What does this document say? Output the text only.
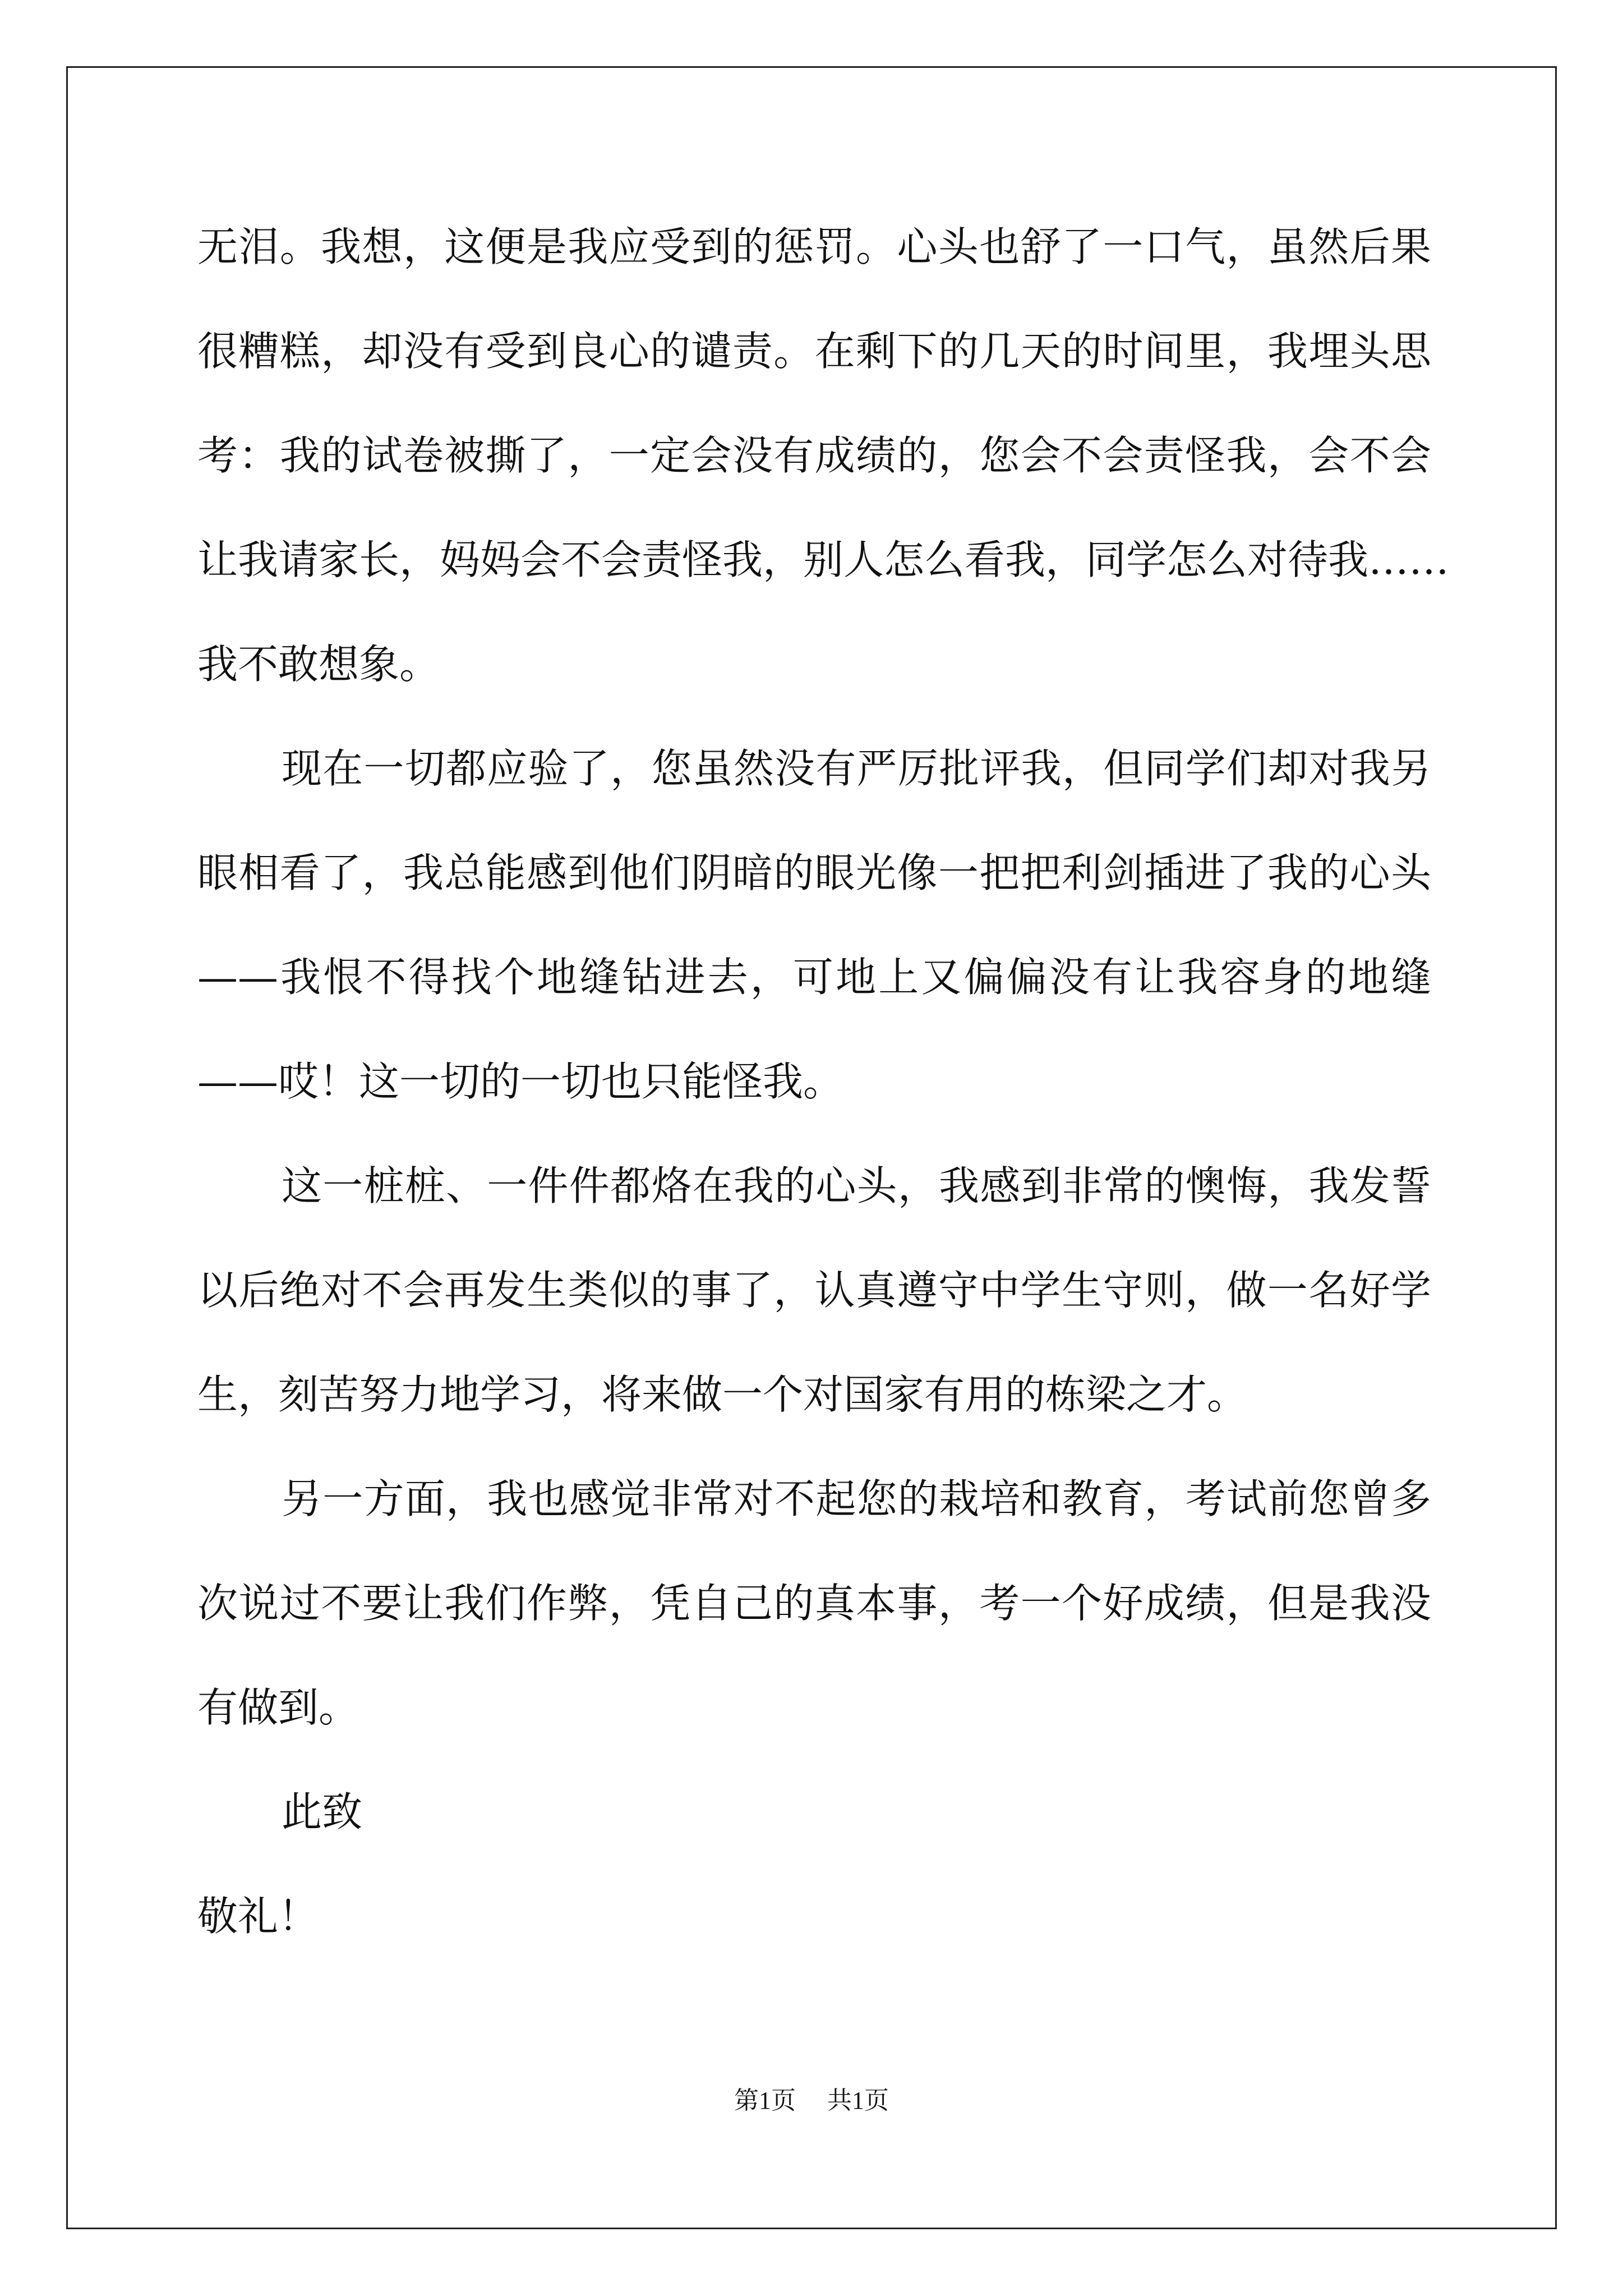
无泪。我想，这便是我应受到的惩罚。心头也舒了一口气，虽然后果
很糟糕，却没有受到良心的谴责。在剩下的几天的时间里，我埋头思
考：我的试卷被撕了，一定会没有成绩的，您会不会责怪我，会不会
让我请家长，妈妈会不会责怪我，别人怎么看我，同学怎么对待我……
我不敢想象。
现在一切都应验了，您虽然没有严厉批评我，但同学们却对我另
眼相看了，我总能感到他们阴暗的眼光像一把把利剑插进了我的心头
——我恨不得找个地缝钻进去，可地上又偏偏没有让我容身的地缝
——哎！这一切的一切也只能怪我。
这一桩桩、一件件都烙在我的心头，我感到非常的懊悔，我发誓
以后绝对不会再发生类似的事了，认真遵守中学生守则，做一名好学
生，刻苦努力地学习，将来做一个对国家有用的栋梁之才。
另一方面，我也感觉非常对不起您的栽培和教育，考试前您曾多
次说过不要让我们作弊，凭自己的真本事，考一个好成绩，但是我没
有做到。
此致
敬礼！
第1页 共1页
